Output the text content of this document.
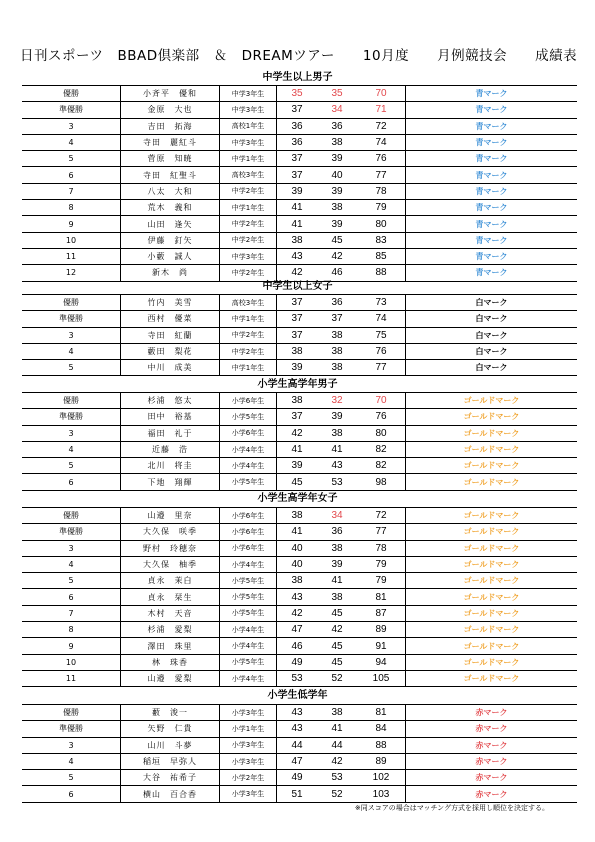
日刊スポーツ　BBAD倶楽部　＆　DREAMツアー　　10月度　　月例競技会　　成績表
中学生以上男子
優勝	小斉平　優和	中学3年生	35	35	70	青マーク
準優勝	金原　大也	中学3年生	37	34	71	青マーク
3	吉田　拓海	高校1年生	36	36	72	青マーク
4	寺田　麗紅斗	中学3年生	36	38	74	青マーク
5	菅原　知暁	中学1年生	37	39	76	青マーク
6	寺田　紅聖斗	高校3年生	37	40	77	青マーク
7	八太　大和	中学2年生	39	39	78	青マーク
8	荒木　義和	中学1年生	41	38	79	青マーク
9	山田　逢矢	中学2年生	41	39	80	青マーク
10	伊藤　釘矢	中学2年生	38	45	83	青マーク
11	小藪　誠人	中学3年生	43	42	85	青マーク
12	新木　尚	中学2年生	42	46	88	青マーク
中学生以上女子
優勝	竹内　美雪	高校3年生	37	36	73	白マーク
準優勝	西村　優菜	中学1年生	37	37	74	白マーク
3	寺田　紅蘭	中学2年生	37	38	75	白マーク
4	藪田　梨花	中学2年生	38	38	76	白マーク
5	中川　成美	中学1年生	39	38	77	白マーク
小学生高学年男子
優勝	杉浦　悠太	小学6年生	38	32	70	ゴールドマーク
準優勝	田中　裕基	小学5年生	37	39	76	ゴールドマーク
3	福田　礼于	小学6年生	42	38	80	ゴールドマーク
4	近藤　浩	小学4年生	41	41	82	ゴールドマーク
5	北川　将圭	小学4年生	39	43	82	ゴールドマーク
6	下地　翔輝	小学5年生	45	53	98	ゴールドマーク
小学生高学年女子
優勝	山邉　里奈	小学6年生	38	34	72	ゴールドマーク
準優勝	大久保　咲季	小学6年生	41	36	77	ゴールドマーク
3	野村　玲穂奈	小学6年生	40	38	78	ゴールドマーク
4	大久保　柚季	小学4年生	40	39	79	ゴールドマーク
5	貞永　茉白	小学5年生	38	41	79	ゴールドマーク
6	貞永　栞生	小学5年生	43	38	81	ゴールドマーク
7	木村　天音	小学5年生	42	45	87	ゴールドマーク
8	杉浦　愛梨	小学4年生	47	42	89	ゴールドマーク
9	澤田　珠里	小学4年生	46	45	91	ゴールドマーク
10	林　珠香	小学5年生	49	45	94	ゴールドマーク
11	山邉　愛梨	小学4年生	53	52	105	ゴールドマーク
小学生低学年
優勝	藪　浚一	小学3年生	43	38	81	赤マーク
準優勝	矢野　仁貴	小学1年生	43	41	84	赤マーク
3	山川　斗夢	小学3年生	44	44	88	赤マーク
4	稲垣　早弥人	小学3年生	47	42	89	赤マーク
5	大谷　祐希子	小学2年生	49	53	102	赤マーク
6	横山　百合香	小学3年生	51	52	103	赤マーク
※同スコアの場合はマッチング方式を採用し順位を決定する。
